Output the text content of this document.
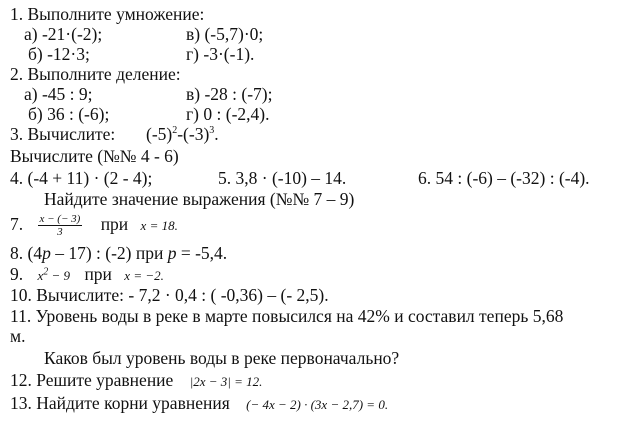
1. Выполните умножение:
а) -21·(-2);	в) (-5,7)·0;
б) -12·3;	г) -3·(-1).
2. Выполните деление:
а) -45 : 9;	в) -28 : (-7);
б) 36 : (-6);	г) 0 : (-2,4).
3. Вычислите: $(-5)^2-(-3)^3$.
Вычислите (№№ 4 - 6)
4. (-4 + 11) · (2 - 4);	5. 3,8 · (-10) – 14.	6. 54 : (-6) – (-32) : (-4).
Найдите значение выражения (№№ 7 – 9)
7. $\frac{x - (- 3)}{3}$ при x = 18.
8. (4p – 17) : (-2) при p = -5,4.
9. $x^2 - 9$ при x = −2.
10. Вычислите: - 7,2 · 0,4 : ( -0,36) – (- 2,5).
11. Уровень воды в реке в марте повысился на 42% и составил теперь 5,68
м.
Каков был уровень воды в реке первоначально?
12. Решите уравнение |2x − 3| = 12.
13. Найдите корни уравнения (− 4x − 2) · (3x − 2,7) = 0.
